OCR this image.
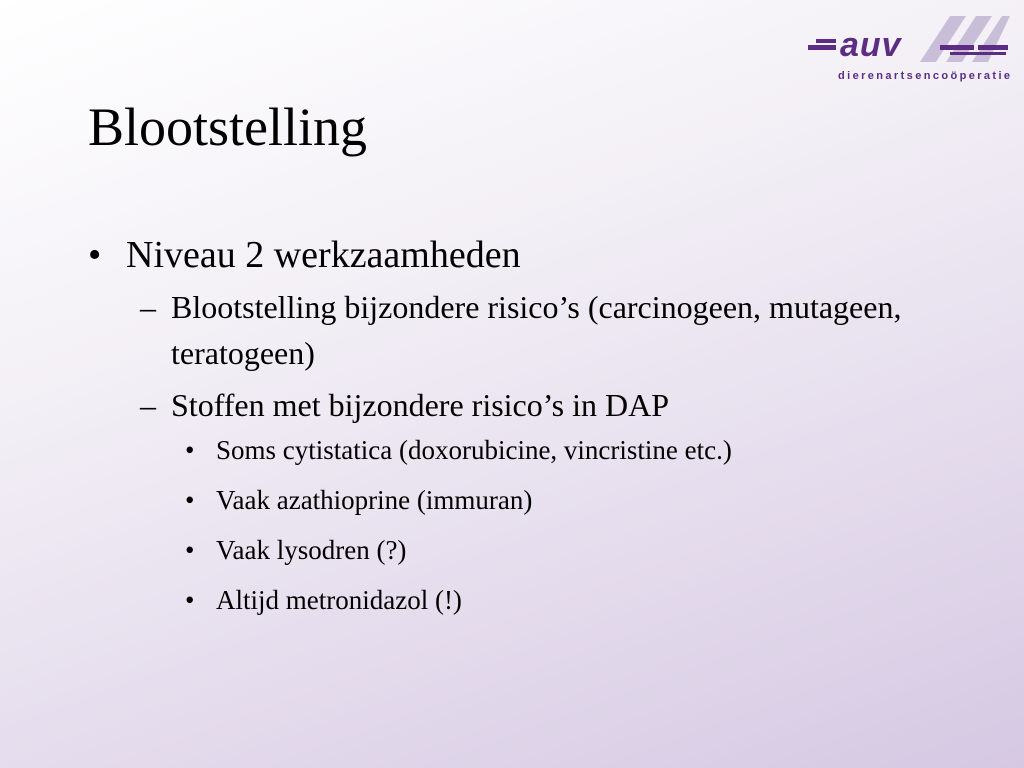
auv
dierenartsencoöperatie
Blootstelling
• Niveau 2 werkzaamheden
– Blootstelling bijzondere risico’s (carcinogeen, mutageen, teratogeen)
– Stoffen met bijzondere risico’s in DAP
• Soms cytistatica (doxorubicine, vincristine etc.)
• Vaak azathioprine (immuran)
• Vaak lysodren (?)
• Altijd metronidazol (!)
